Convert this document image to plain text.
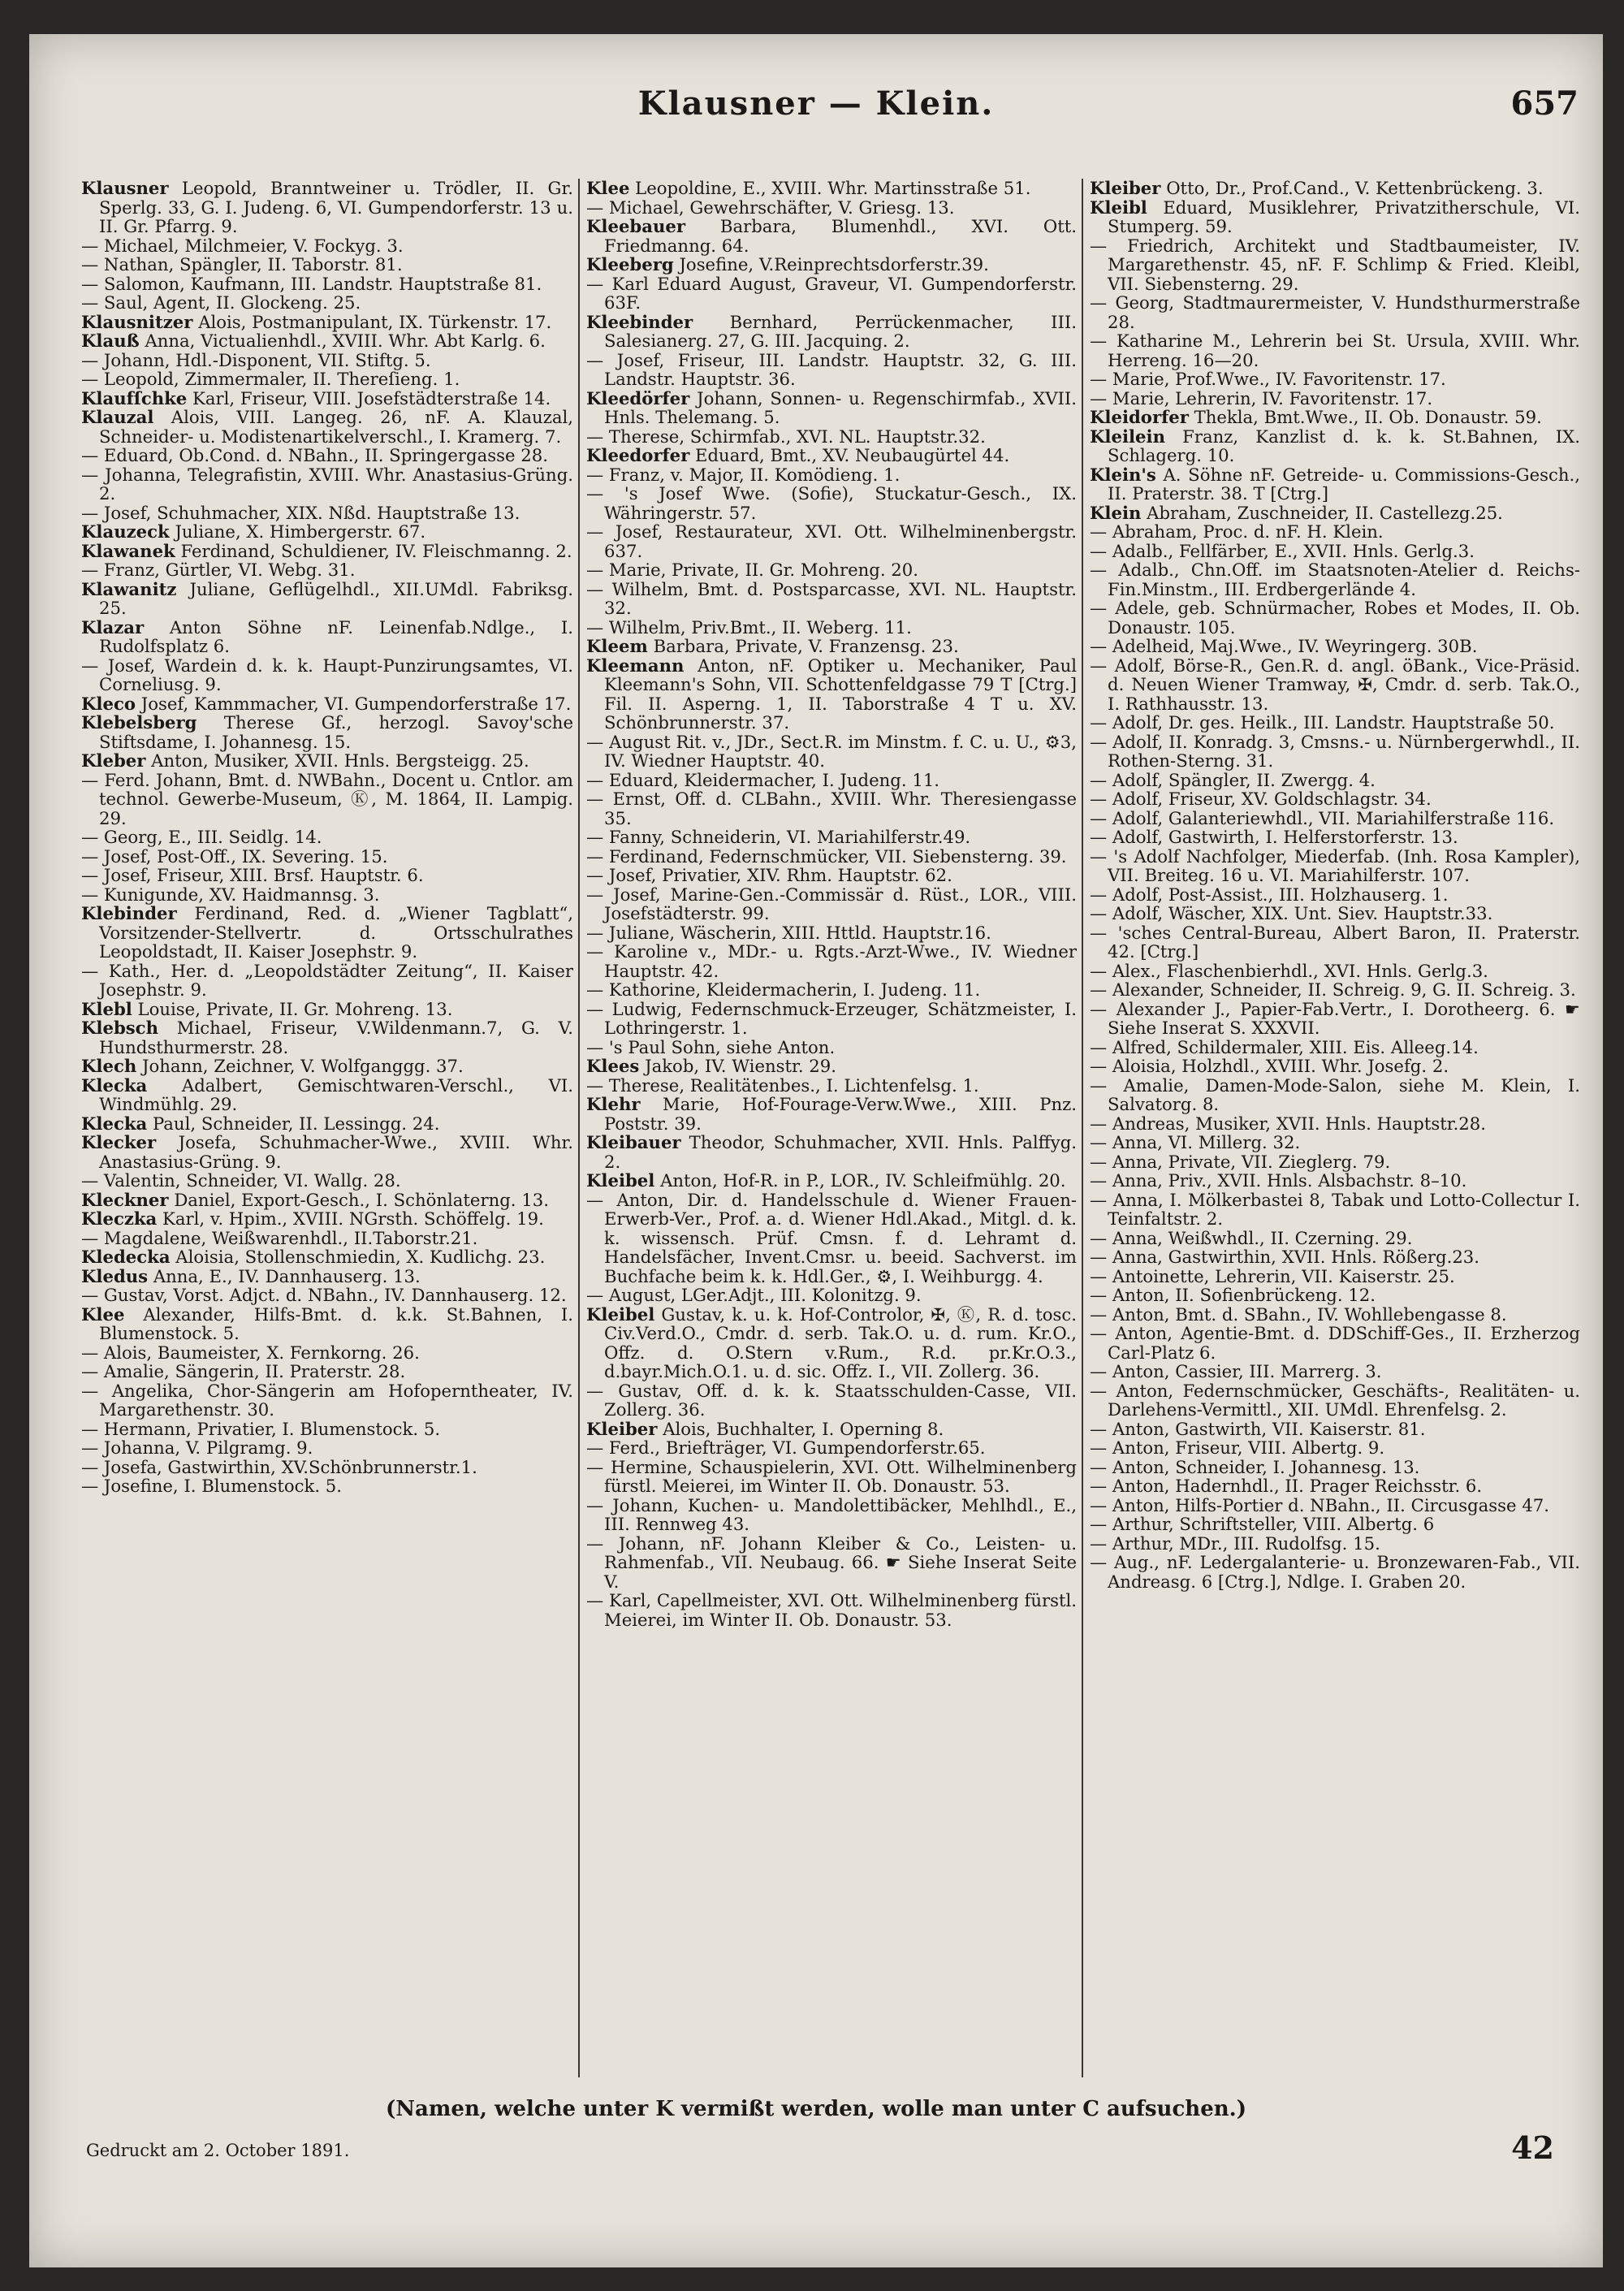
Klausner — Klein.	657

Klausner Leopold, Branntweiner u. Trödler, II. Gr. Sperlg. 33, G. I. Judeng. 6, VI. Gumpendorferstr. 13 u. II. Gr. Pfarrg. 9.

— Michael, Milchmeier, V. Fockyg. 3.

— Nathan, Spängler, II. Taborstr. 81.

— Salomon, Kaufmann, III. Landstr. Hauptstraße 81.

— Saul, Agent, II. Glockeng. 25.

Klausnitzer Alois, Postmanipulant, IX. Türkenstr. 17.

Klauß Anna, Victualienhdl., XVIII. Whr. Abt Karlg. 6.

— Johann, Hdl.-Disponent, VII. Stiftg. 5.

— Leopold, Zimmermaler, II. Thereſieng. 1.

Klaufſchke Karl, Friseur, VIII. Josefstädterstraße 14.

Klauzal Alois, VIII. Langeg. 26, nF. A. Klauzal, Schneider- u. Modistenartikelverschl., I. Kramerg. 7.

— Eduard, Ob.Cond. d. NBahn., II. Springergasse 28.

— Johanna, Telegrafistin, XVIII. Whr. Anastasius-Grüng. 2.

— Josef, Schuhmacher, XIX. Nßd. Hauptstraße 13.

Klauzeck Juliane, X. Himbergerstr. 67.

Klawanek Ferdinand, Schuldiener, IV. Fleischmanng. 2.

— Franz, Gürtler, VI. Webg. 31.

Klawanitz Juliane, Geflügelhdl., XII.UMdl. Fabriksg. 25.

Klazar Anton Söhne nF. Leinenfab.Ndlge., I. Rudolfsplatz 6.

— Josef, Wardein d. k. k. Haupt-Punzirungsamtes, VI. Corneliusg. 9.

Kleco Josef, Kammmacher, VI. Gumpendorferstraße 17.

Klebelsberg Therese Gf., herzogl. Savoy'sche Stiftsdame, I. Johannesg. 15.

Kleber Anton, Musiker, XVII. Hnls. Bergsteigg. 25.

— Ferd. Johann, Bmt. d. NWBahn., Docent u. Cntlor. am technol. Gewerbe-Museum, Ⓚ, M. 1864, II. Lampig. 29.

— Georg, E., III. Seidlg. 14.

— Josef, Post-Off., IX. Severing. 15.

— Josef, Friseur, XIII. Brsf. Hauptstr. 6.

— Kunigunde, XV. Haidmannsg. 3.

Klebinder Ferdinand, Red. d. „Wiener Tagblatt“, Vorsitzender-Stellvertr. d. Ortsschulrathes Leopoldstadt, II. Kaiser Josephstr. 9.

— Kath., Her. d. „Leopoldstädter Zeitung“, II. Kaiser Josephstr. 9.

Klebl Louise, Private, II. Gr. Mohreng. 13.

Klebsch Michael, Friseur, V.Wildenmann.7, G. V. Hundsthurmerstr. 28.

Klech Johann, Zeichner, V. Wolfganggg. 37.

Klecka Adalbert, Gemischtwaren-Verschl., VI. Windmühlg. 29.

Klecka Paul, Schneider, II. Lessingg. 24.

Klecker Josefa, Schuhmacher-Wwe., XVIII. Whr. Anastasius-Grüng. 9.

— Valentin, Schneider, VI. Wallg. 28.

Kleckner Daniel, Export-Gesch., I. Schönlaterng. 13.

Kleczka Karl, v. Hpim., XVIII. NGrsth. Schöffelg. 19.

— Magdalene, Weißwarenhdl., II.Taborstr.21.

Kledecka Aloisia, Stollenschmiedin, X. Kudlichg. 23.

Kledus Anna, E., IV. Dannhauserg. 13.

— Gustav, Vorst. Adjct. d. NBahn., IV. Dannhauserg. 12.

Klee Alexander, Hilfs-Bmt. d. k.k. St.Bahnen, I. Blumenstock. 5.

— Alois, Baumeister, X. Fernkorng. 26.

— Amalie, Sängerin, II. Praterstr. 28.

— Angelika, Chor-Sängerin am Hofoperntheater, IV. Margarethenstr. 30.

— Hermann, Privatier, I. Blumenstock. 5.

— Johanna, V. Pilgramg. 9.

— Josefa, Gastwirthin, XV.Schönbrunnerstr.1.

— Josefine, I. Blumenstock. 5.

Klee Leopoldine, E., XVIII. Whr. Martinsstraße 51.

— Michael, Gewehrschäfter, V. Griesg. 13.

Kleebauer Barbara, Blumenhdl., XVI. Ott. Friedmanng. 64.

Kleeberg Josefine, V.Reinprechtsdorferstr.39.

— Karl Eduard August, Graveur, VI. Gumpendorferstr. 63F.

Kleebinder Bernhard, Perrückenmacher, III. Salesianerg. 27, G. III. Jacquing. 2.

— Josef, Friseur, III. Landstr. Hauptstr. 32, G. III. Landstr. Hauptstr. 36.

Kleedörfer Johann, Sonnen- u. Regenschirmfab., XVII. Hnls. Thelemang. 5.

— Therese, Schirmfab., XVI. NL. Hauptstr.32.

Kleedorfer Eduard, Bmt., XV. Neubaugürtel 44.

— Franz, v. Major, II. Komödieng. 1.

— 's Josef Wwe. (Sofie), Stuckatur-Gesch., IX. Währingerstr. 57.

— Josef, Restaurateur, XVI. Ott. Wilhelminenbergstr. 637.

— Marie, Private, II. Gr. Mohreng. 20.

— Wilhelm, Bmt. d. Postsparcasse, XVI. NL. Hauptstr. 32.

— Wilhelm, Priv.Bmt., II. Weberg. 11.

Kleem Barbara, Private, V. Franzensg. 23.

Kleemann Anton, nF. Optiker u. Mechaniker, Paul Kleemann's Sohn, VII. Schottenfeldgasse 79 T [Ctrg.] Fil. II. Asperng. 1, II. Taborstraße 4 T u. XV. Schönbrunnerstr. 37.

— August Rit. v., JDr., Sect.R. im Minstm. f. C. u. U., ⚙3, IV. Wiedner Hauptstr. 40.

— Eduard, Kleidermacher, I. Judeng. 11.

— Ernst, Off. d. CLBahn., XVIII. Whr. Theresiengasse 35.

— Fanny, Schneiderin, VI. Mariahilferstr.49.

— Ferdinand, Federnschmücker, VII. Siebensterng. 39.

— Josef, Privatier, XIV. Rhm. Hauptstr. 62.

— Josef, Marine-Gen.-Commissär d. Rüst., LOR., VIII. Josefstädterstr. 99.

— Juliane, Wäscherin, XIII. Httld. Hauptstr.16.

— Karoline v., MDr.- u. Rgts.-Arzt-Wwe., IV. Wiedner Hauptstr. 42.

— Kathorine, Kleidermacherin, I. Judeng. 11.

— Ludwig, Federnschmuck-Erzeuger, Schätzmeister, I. Lothringerstr. 1.

— 's Paul Sohn, siehe Anton.

Klees Jakob, IV. Wienstr. 29.

— Therese, Realitätenbes., I. Lichtenfelsg. 1.

Klehr Marie, Hof-Fourage-Verw.Wwe., XIII. Pnz. Poststr. 39.

Kleibauer Theodor, Schuhmacher, XVII. Hnls. Palffyg. 2.

Kleibel Anton, Hof-R. in P., LOR., IV. Schleifmühlg. 20.

— Anton, Dir. d. Handelsschule d. Wiener Frauen-Erwerb-Ver., Prof. a. d. Wiener Hdl.Akad., Mitgl. d. k. k. wissensch. Prüf. Cmsn. f. d. Lehramt d. Handelsfächer, Invent.Cmsr. u. beeid. Sachverst. im Buchfache beim k. k. Hdl.Ger., ⚙, I. Weihburgg. 4.

— August, LGer.Adjt., III. Kolonitzg. 9.

Kleibel Gustav, k. u. k. Hof-Controlor, ✠, Ⓚ, R. d. tosc. Civ.Verd.O., Cmdr. d. serb. Tak.O. u. d. rum. Kr.O., Offz. d. O.Stern v.Rum., R.d. pr.Kr.O.3., d.bayr.Mich.O.1. u. d. sic. Offz. I., VII. Zollerg. 36.

— Gustav, Off. d. k. k. Staatsschulden-Casse, VII. Zollerg. 36.

Kleiber Alois, Buchhalter, I. Operning 8.

— Ferd., Briefträger, VI. Gumpendorferstr.65.

— Hermine, Schauspielerin, XVI. Ott. Wilhelminenberg fürstl. Meierei, im Winter II. Ob. Donaustr. 53.

— Johann, Kuchen- u. Mandolettibäcker, Mehlhdl., E., III. Rennweg 43.

— Johann, nF. Johann Kleiber & Co., Leisten- u. Rahmenfab., VII. Neubaug. 66. ☛ Siehe Inserat Seite V.

— Karl, Capellmeister, XVI. Ott. Wilhelminenberg fürstl. Meierei, im Winter II. Ob. Donaustr. 53.

Kleiber Otto, Dr., Prof.Cand., V. Kettenbrückeng. 3.

Kleibl Eduard, Musiklehrer, Privatzitherschule, VI. Stumperg. 59.

— Friedrich, Architekt und Stadtbaumeister, IV. Margarethenstr. 45, nF. F. Schlimp & Fried. Kleibl, VII. Siebensterng. 29.

— Georg, Stadtmaurermeister, V. Hundsthurmerstraße 28.

— Katharine M., Lehrerin bei St. Ursula, XVIII. Whr. Herreng. 16—20.

— Marie, Prof.Wwe., IV. Favoritenstr. 17.

— Marie, Lehrerin, IV. Favoritenstr. 17.

Kleidorfer Thekla, Bmt.Wwe., II. Ob. Donaustr. 59.

Kleilein Franz, Kanzlist d. k. k. St.Bahnen, IX. Schlagerg. 10.

Klein's A. Söhne nF. Getreide- u. Commissions-Gesch., II. Praterstr. 38. T [Ctrg.]

Klein Abraham, Zuschneider, II. Castellezg.25.

— Abraham, Proc. d. nF. H. Klein.

— Adalb., Fellfärber, E., XVII. Hnls. Gerlg.3.

— Adalb., Chn.Off. im Staatsnoten-Atelier d. Reichs-Fin.Minstm., III. Erdbergerlände 4.

— Adele, geb. Schnürmacher, Robes et Modes, II. Ob. Donaustr. 105.

— Adelheid, Maj.Wwe., IV. Weyringerg. 30B.

— Adolf, Börse-R., Gen.R. d. angl. öBank., Vice-Präsid. d. Neuen Wiener Tramway, ✠, Cmdr. d. serb. Tak.O., I. Rathhausstr. 13.

— Adolf, Dr. ges. Heilk., III. Landstr. Hauptstraße 50.

— Adolf, II. Konradg. 3, Cmsns.- u. Nürnbergerwhdl., II. Rothen-Sterng. 31.

— Adolf, Spängler, II. Zwergg. 4.

— Adolf, Friseur, XV. Goldschlagstr. 34.

— Adolf, Galanteriewhdl., VII. Mariahilferstraße 116.

— Adolf, Gastwirth, I. Helferstorferstr. 13.

— 's Adolf Nachfolger, Miederfab. (Inh. Rosa Kampler), VII. Breiteg. 16 u. VI. Mariahilferstr. 107.

— Adolf, Post-Assist., III. Holzhauserg. 1.

— Adolf, Wäscher, XIX. Unt. Siev. Hauptstr.33.

— 'sches Central-Bureau, Albert Baron, II. Praterstr. 42. [Ctrg.]

— Alex., Flaschenbierhdl., XVI. Hnls. Gerlg.3.

— Alexander, Schneider, II. Schreig. 9, G. II. Schreig. 3.

— Alexander J., Papier-Fab.Vertr., I. Dorotheerg. 6. ☛ Siehe Inserat S. XXXVII.

— Alfred, Schildermaler, XIII. Eis. Alleeg.14.

— Aloisia, Holzhdl., XVIII. Whr. Josefg. 2.

— Amalie, Damen-Mode-Salon, siehe M. Klein, I. Salvatorg. 8.

— Andreas, Musiker, XVII. Hnls. Hauptstr.28.

— Anna, VI. Millerg. 32.

— Anna, Private, VII. Zieglerg. 79.

— Anna, Priv., XVII. Hnls. Alsbachstr. 8–10.

— Anna, I. Mölkerbastei 8, Tabak und Lotto-Collectur I. Teinfaltstr. 2.

— Anna, Weißwhdl., II. Czerning. 29.

— Anna, Gastwirthin, XVII. Hnls. Rößerg.23.

— Antoinette, Lehrerin, VII. Kaiserstr. 25.

— Anton, II. Sofienbrückeng. 12.

— Anton, Bmt. d. SBahn., IV. Wohllebengasse 8.

— Anton, Agentie-Bmt. d. DDSchiff-Ges., II. Erzherzog Carl-Platz 6.

— Anton, Cassier, III. Marrerg. 3.

— Anton, Federnschmücker, Geschäfts-, Realitäten- u. Darlehens-Vermittl., XII. UMdl. Ehrenfelsg. 2.

— Anton, Gastwirth, VII. Kaiserstr. 81.

— Anton, Friseur, VIII. Albertg. 9.

— Anton, Schneider, I. Johannesg. 13.

— Anton, Hadernhdl., II. Prager Reichsstr. 6.

— Anton, Hilfs-Portier d. NBahn., II. Circusgasse 47.

— Arthur, Schriftsteller, VIII. Albertg. 6

— Arthur, MDr., III. Rudolfsg. 15.

— Aug., nF. Ledergalanterie- u. Bronzewaren-Fab., VII. Andreasg. 6 [Ctrg.], Ndlge. I. Graben 20.

(Namen, welche unter K vermißt werden, wolle man unter C aufsuchen.)
Gedruckt am 2. October 1891.	42
